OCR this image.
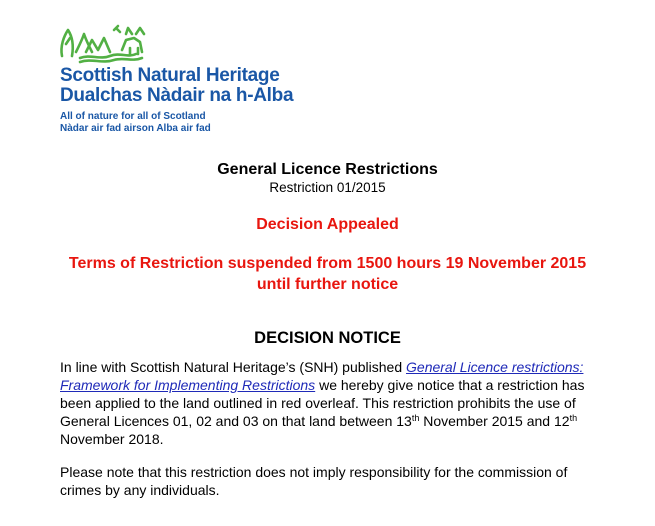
Scottish Natural Heritage
Dualchas Nàdair na h-Alba
All of nature for all of Scotland
Nàdar air fad airson Alba air fad
General Licence Restrictions
Restriction 01/2015
Decision Appealed
Terms of Restriction suspended from 1500 hours 19 November 2015
until further notice
DECISION NOTICE
In line with Scottish Natural Heritage’s (SNH) published General Licence restrictions:
Framework for Implementing Restrictions we hereby give notice that a restriction has
been applied to the land outlined in red overleaf. This restriction prohibits the use of
General Licences 01, 02 and 03 on that land between 13th November 2015 and 12th
November 2018.
Please note that this restriction does not imply responsibility for the commission of
crimes by any individuals.
